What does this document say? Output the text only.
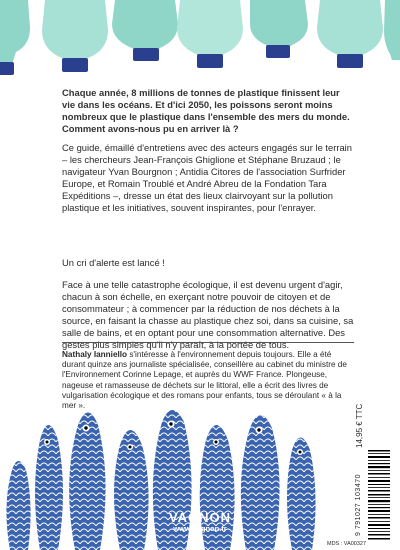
Chaque année, 8 millions de tonnes de plastique finissent leur vie dans les océans. Et d'ici 2050, les poissons seront moins nombreux que le plastique dans l'ensemble des mers du monde. Comment avons-nous pu en arriver là ?
Ce guide, émaillé d'entretiens avec des acteurs engagés sur le terrain – les chercheurs Jean-François Ghiglione et Stéphane Bruzaud ; le navigateur Yvan Bourgnon ; Antidia Citores de l'association Surfrider Europe, et Romain Troublé et André Abreu de la Fondation Tara Expéditions –, dresse un état des lieux clairvoyant sur la pollution plastique et les initiatives, souvent inspirantes, pour l'enrayer.
Un cri d'alerte est lancé !
Face à une telle catastrophe écologique, il est devenu urgent d'agir, chacun à son échelle, en exerçant notre pouvoir de citoyen et de consommateur ; à commencer par la réduction de nos déchets à la source, en faisant la chasse au plastique chez soi, dans sa cuisine, sa salle de bains, et en optant pour une consommation alternative. Des gestes plus simples qu'il n'y paraît, à la portée de tous.
Nathaly Ianniello s'intéresse à l'environnement depuis toujours. Elle a été durant quinze ans journaliste spécialisée, conseillère au cabinet du ministre de l'Environnement Corinne Lepage, et auprès du WWF France. Plongeuse, nageuse et ramasseuse de déchets sur le littoral, elle a écrit des livres de vulgarisation écologique et des romans pour enfants, tous se déroulant « à la mer ».
VAGNON
www.vagnon.fr
14,95 € TTC
9 791027 103470
MDS : VA00327
